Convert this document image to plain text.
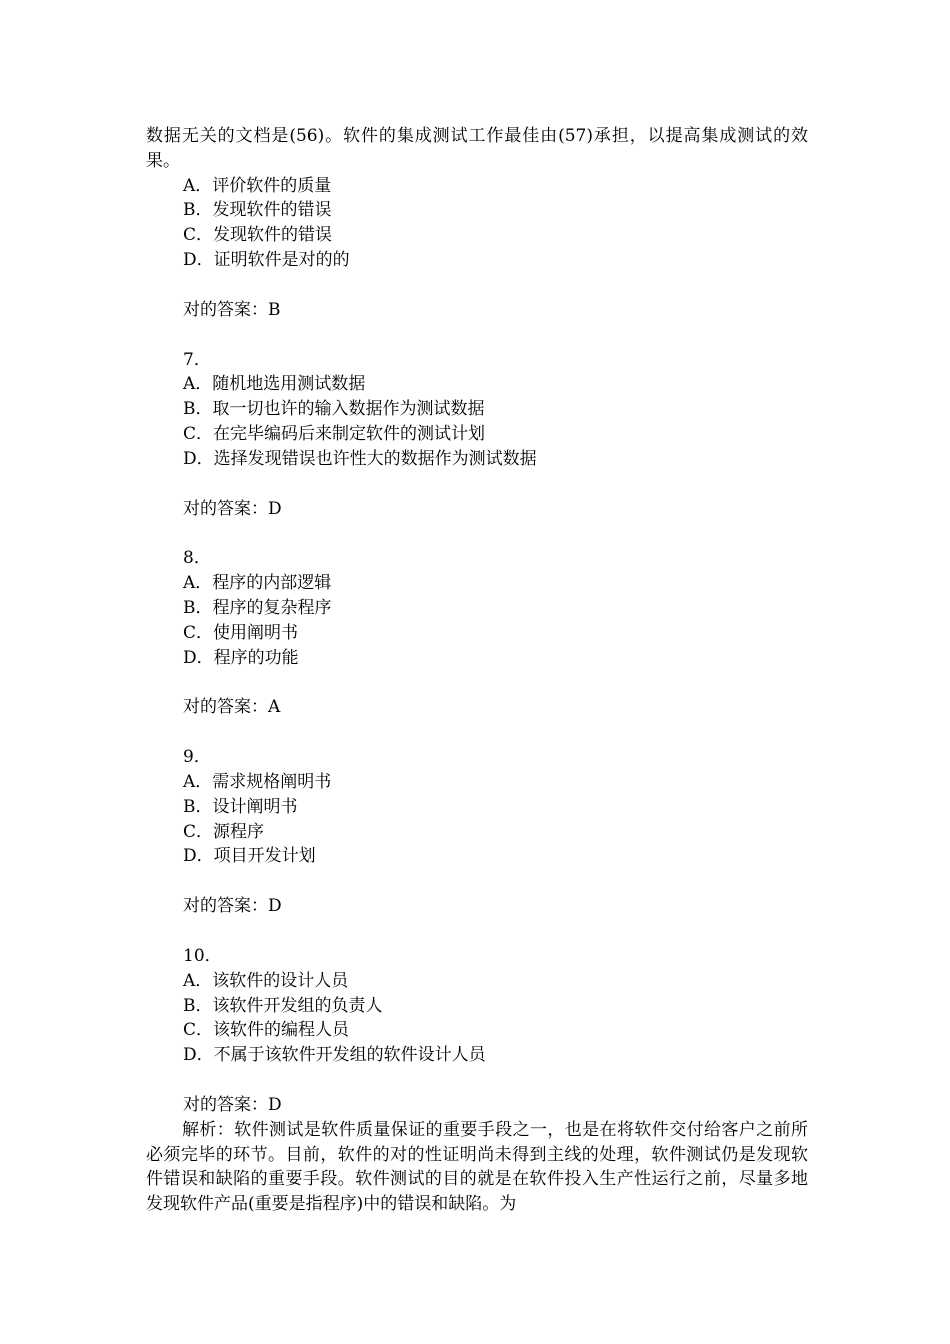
数据无关的文档是(56)。软件的集成测试工作最佳由(57)承担，以提高集成测试的效果。

A．评价软件的质量
B．发现软件的错误
C．发现软件的错误
D．证明软件是对的的
对的答案：B
7．
A．随机地选用测试数据
B．取一切也许的输入数据作为测试数据
C．在完毕编码后来制定软件的测试计划
D．选择发现错误也许性大的数据作为测试数据
对的答案：D
8．
A．程序的内部逻辑
B．程序的复杂程序
C．使用阐明书
D．程序的功能
对的答案：A
9．
A．需求规格阐明书
B．设计阐明书
C．源程序
D．项目开发计划
对的答案：D
10．
A．该软件的设计人员
B．该软件开发组的负责人
C．该软件的编程人员
D．不属于该软件开发组的软件设计人员
对的答案：D

解析：软件测试是软件质量保证的重要手段之一，也是在将软件交付给客户之前所必须完毕的环节。目前，软件的对的性证明尚未得到主线的处理，软件测试仍是发现软件错误和缺陷的重要手段。软件测试的目的就是在软件投入生产性运行之前，尽量多地发现软件产品(重要是指程序)中的错误和缺陷。为
